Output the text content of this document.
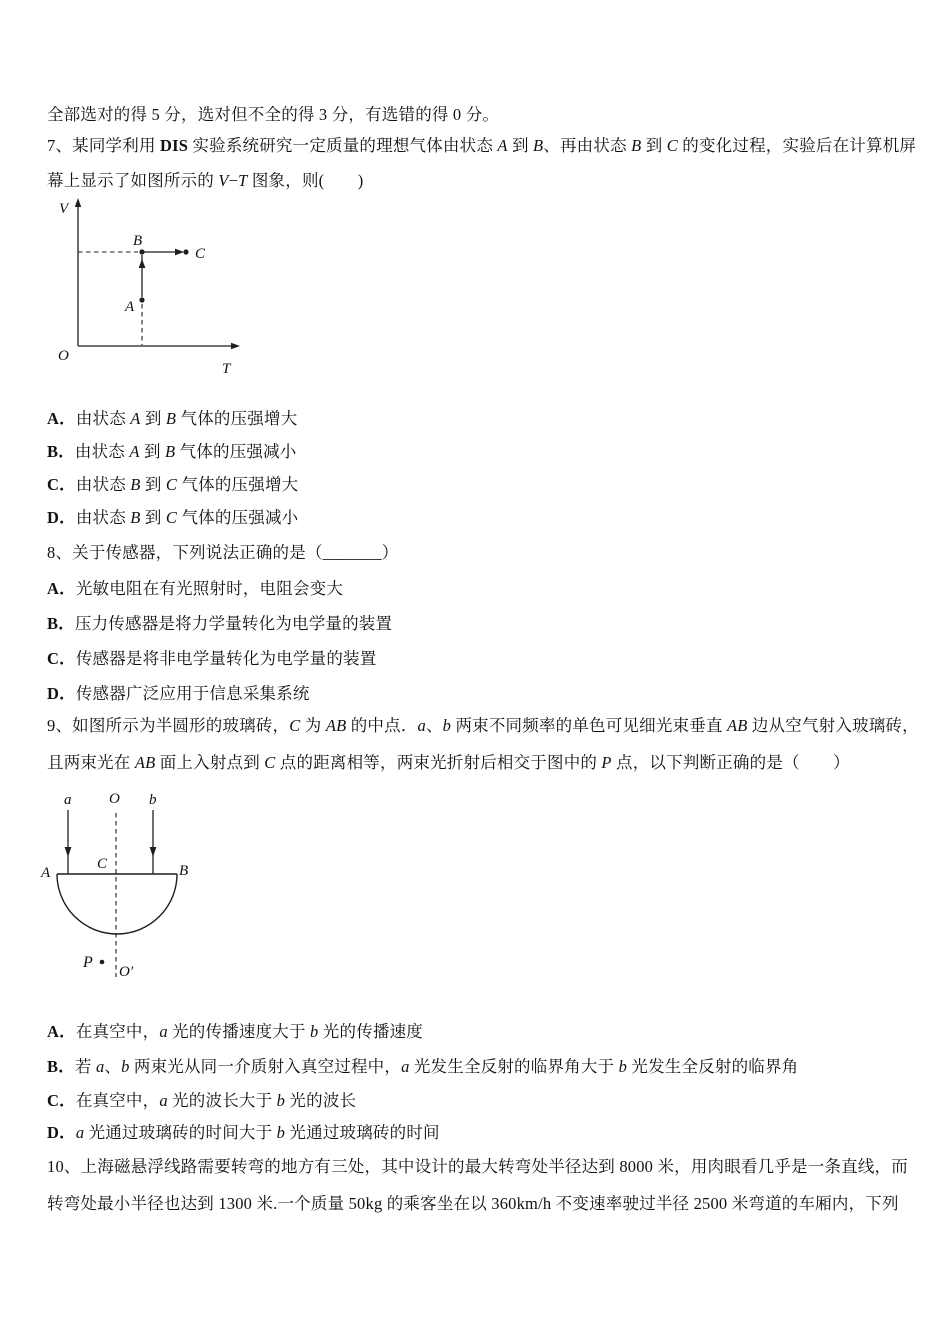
全部选对的得 5 分，选对但不全的得 3 分，有选错的得 0 分。
7、某同学利用 DIS 实验系统研究一定质量的理想气体由状态 A 到 B、再由状态 B 到 C 的变化过程，实验后在计算机屏
幕上显示了如图所示的 V−T 图象，则(　　)
V
T
O
A
B
C
A．由状态 A 到 B 气体的压强增大
B．由状态 A 到 B 气体的压强减小
C．由状态 B 到 C 气体的压强增大
D．由状态 B 到 C 气体的压强减小
8、关于传感器，下列说法正确的是（_______）
A．光敏电阻在有光照射时，电阻会变大
B．压力传感器是将力学量转化为电学量的装置
C．传感器是将非电学量转化为电学量的装置
D．传感器广泛应用于信息采集系统
9、如图所示为半圆形的玻璃砖，C 为 AB 的中点．a、b 两束不同频率的单色可见细光束垂直 AB 边从空气射入玻璃砖，
且两束光在 AB 面上入射点到 C 点的距离相等，两束光折射后相交于图中的 P 点，以下判断正确的是（　　）
a	O b
A	B
C
P
O′
A．在真空中，a 光的传播速度大于 b 光的传播速度
B．若 a、b 两束光从同一介质射入真空过程中，a 光发生全反射的临界角大于 b 光发生全反射的临界角
C．在真空中，a 光的波长大于 b 光的波长
D．a 光通过玻璃砖的时间大于 b 光通过玻璃砖的时间
10、上海磁悬浮线路需要转弯的地方有三处，其中设计的最大转弯处半径达到 8000 米，用肉眼看几乎是一条直线，而
转弯处最小半径也达到 1300 米.一个质量 50kg 的乘客坐在以 360km/h 不变速率驶过半径 2500 米弯道的车厢内，下列
